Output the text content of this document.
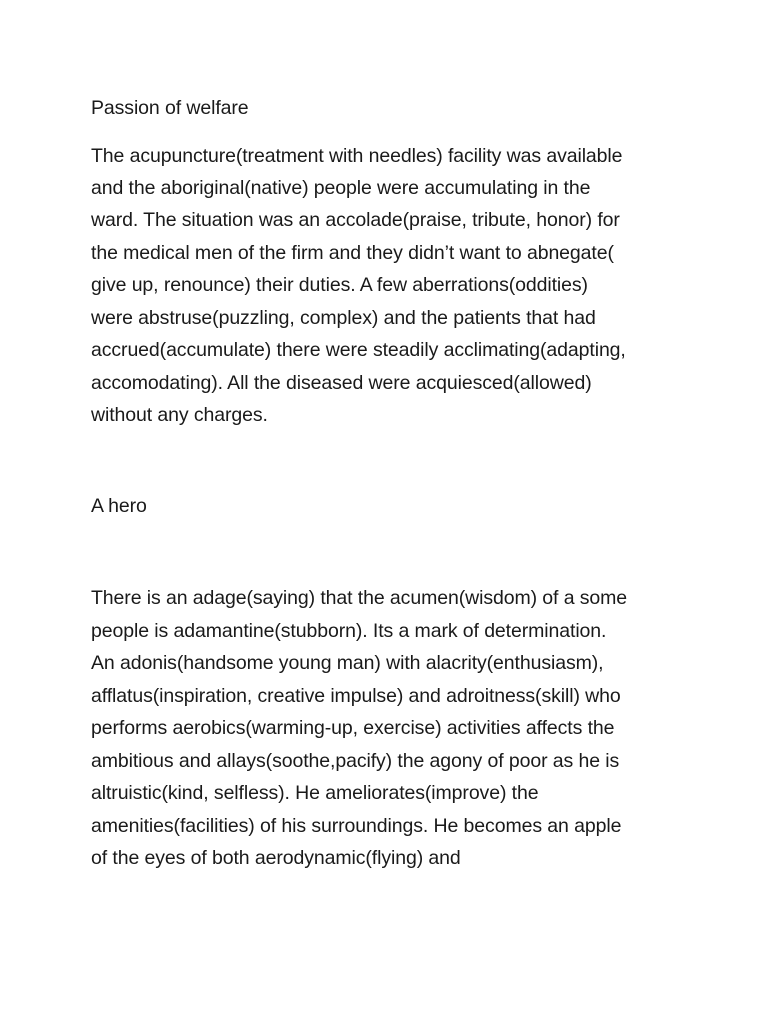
Passion of welfare
The acupuncture(treatment with needles) facility was available
and the aboriginal(native) people were accumulating in the
ward. The situation was an accolade(praise, tribute, honor) for
the medical men of the firm and they didn’t want to abnegate(
give up, renounce) their duties. A few aberrations(oddities)
were abstruse(puzzling, complex) and the patients that had
accrued(accumulate) there were steadily acclimating(adapting,
accomodating). All the diseased were acquiesced(allowed)
without any charges.
A hero
There is an adage(saying) that the acumen(wisdom) of a some
people is adamantine(stubborn). Its a mark of determination.
An adonis(handsome young man) with alacrity(enthusiasm),
afflatus(inspiration, creative impulse) and adroitness(skill) who
performs aerobics(warming-up, exercise) activities affects the
ambitious and allays(soothe,pacify) the agony of poor as he is
altruistic(kind, selfless). He ameliorates(improve) the
amenities(facilities) of his surroundings. He becomes an apple
of the eyes of both aerodynamic(flying) and
